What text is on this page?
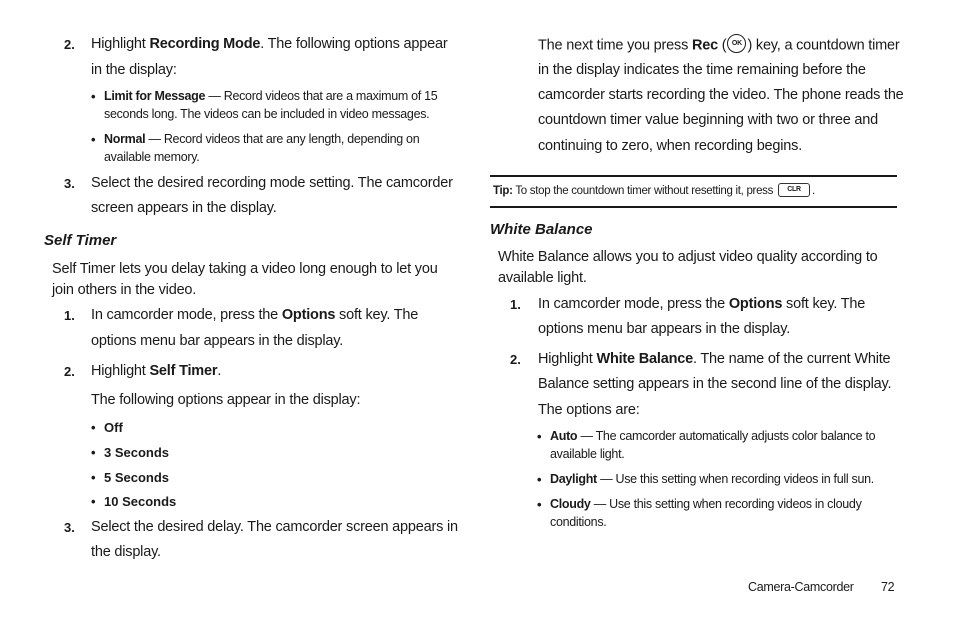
2. Highlight Recording Mode. The following options appear
in the display:
• Limit for Message — Record videos that are a maximum of 15
seconds long. The videos can be included in video messages.
• Normal — Record videos that are any length, depending on
available memory.
3. Select the desired recording mode setting. The camcorder
screen appears in the display.
Self Timer
Self Timer lets you delay taking a video long enough to let you
join others in the video.
1. In camcorder mode, press the Options soft key. The
options menu bar appears in the display.
2. Highlight Self Timer.
The following options appear in the display:
• Off
• 3 Seconds
• 5 Seconds
• 10 Seconds
3. Select the desired delay. The camcorder screen appears in
the display.
The next time you press Rec ( OK ) key, a countdown timer
in the display indicates the time remaining before the
camcorder starts recording the video. The phone reads the
countdown timer value beginning with two or three and
continuing to zero, when recording begins.
Tip: To stop the countdown timer without resetting it, press CLR .
White Balance
White Balance allows you to adjust video quality according to
available light.
1. In camcorder mode, press the Options soft key. The
options menu bar appears in the display.
2. Highlight White Balance. The name of the current White
Balance setting appears in the second line of the display.
The options are:
• Auto — The camcorder automatically adjusts color balance to
available light.
• Daylight — Use this setting when recording videos in full sun.
• Cloudy — Use this setting when recording videos in cloudy
conditions.
Camera-Camcorder 72
